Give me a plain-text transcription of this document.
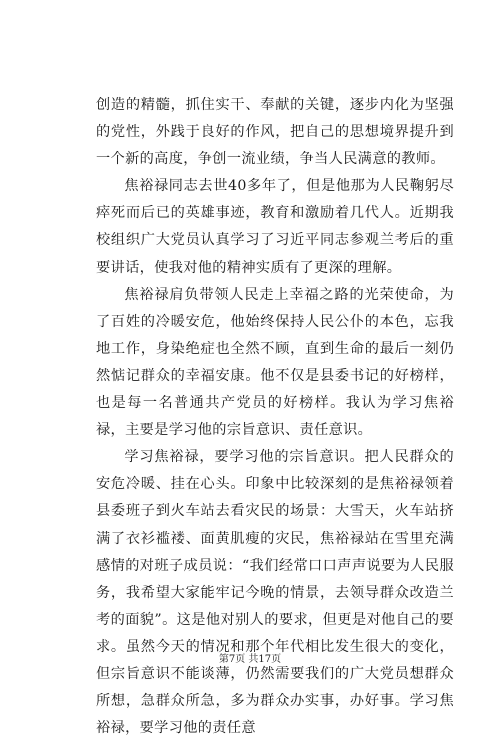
创造的精髓，抓住实干、奉献的关键，逐步内化为坚强的党性，外践于良好的作风，把自己的思想境界提升到一个新的高度，争创一流业绩，争当人民满意的教师。

焦裕禄同志去世40多年了，但是他那为人民鞠躬尽瘁死而后已的英雄事迹，教育和激励着几代人。近期我校组织广大党员认真学习了习近平同志参观兰考后的重要讲话，使我对他的精神实质有了更深的理解。

焦裕禄肩负带领人民走上幸福之路的光荣使命，为了百姓的冷暖安危，他始终保持人民公仆的本色，忘我地工作，身染绝症也全然不顾，直到生命的最后一刻仍然惦记群众的幸福安康。他不仅是县委书记的好榜样，也是每一名普通共产党员的好榜样。我认为学习焦裕禄，主要是学习他的宗旨意识、责任意识。

学习焦裕禄，要学习他的宗旨意识。把人民群众的安危冷暖、挂在心头。印象中比较深刻的是焦裕禄领着县委班子到火车站去看灾民的场景：大雪天，火车站挤满了衣衫褴褛、面黄肌瘦的灾民，焦裕禄站在雪里充满感情的对班子成员说：“我们经常口口声声说要为人民服务，我希望大家能牢记今晚的情景，去领导群众改造兰考的面貌”。这是他对别人的要求，但更是对他自己的要求。虽然今天的情况和那个年代相比发生很大的变化，但宗旨意识不能谈薄，仍然需要我们的广大党员想群众所想，急群众所急，多为群众办实事，办好事。学习焦裕禄，要学习他的责任意

第7页 共17页
